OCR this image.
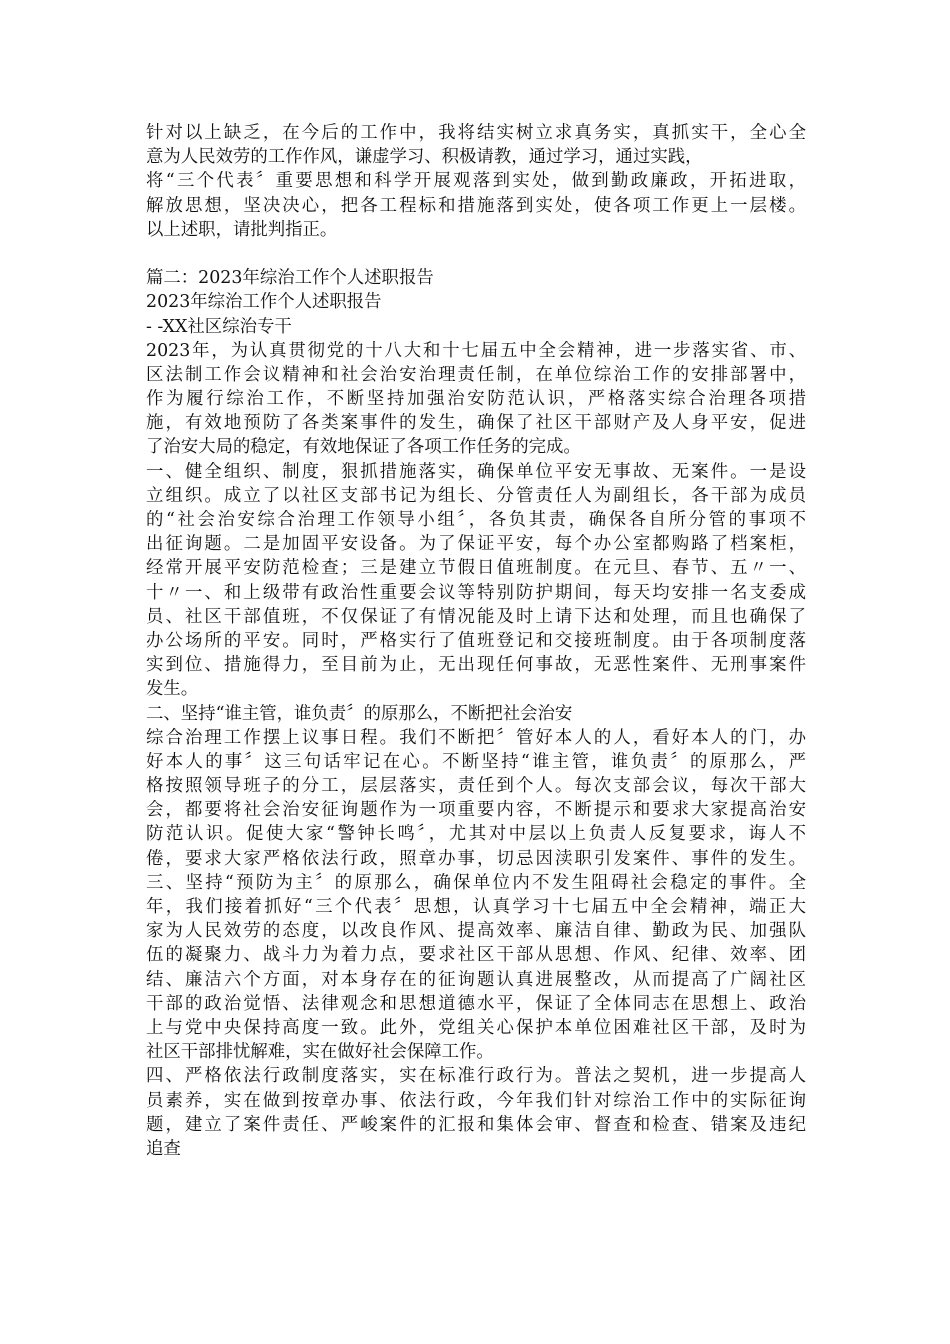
针对以上缺乏，在今后的工作中，我将结实树立求真务实，真抓实干，全心全
意为人民效劳的工作作风，谦虚学习、积极请教，通过学习，通过实践，
将“三个代表〞重要思想和科学开展观落到实处，做到勤政廉政，开拓进取，
解放思想，坚决决心，把各工程标和措施落到实处，使各项工作更上一层楼。
以上述职，请批判指正。
篇二：2023年综治工作个人述职报告
2023年综治工作个人述职报告
- -XX社区综治专干
2023年，为认真贯彻党的十八大和十七届五中全会精神，进一步落实省、市、
区法制工作会议精神和社会治安治理责任制，在单位综治工作的安排部署中，
作为履行综治工作，不断坚持加强治安防范认识，严格落实综合治理各项措
施，有效地预防了各类案事件的发生，确保了社区干部财产及人身平安，促进
了治安大局的稳定，有效地保证了各项工作任务的完成。
一、健全组织、制度，狠抓措施落实，确保单位平安无事故、无案件。一是设
立组织。成立了以社区支部书记为组长、分管责任人为副组长，各干部为成员
的“社会治安综合治理工作领导小组〞，各负其责，确保各自所分管的事项不
出征询题。二是加固平安设备。为了保证平安，每个办公室都购路了档案柜，
经常开展平安防范检查；三是建立节假日值班制度。在元旦、春节、五〃一、
十〃一、和上级带有政治性重要会议等特别防护期间，每天均安排一名支委成
员、社区干部值班，不仅保证了有情况能及时上请下达和处理，而且也确保了
办公场所的平安。同时，严格实行了值班登记和交接班制度。由于各项制度落
实到位、措施得力，至目前为止，无出现任何事故，无恶性案件、无刑事案件
发生。
二、坚持“谁主管，谁负责〞的原那么，不断把社会治安
综合治理工作摆上议事日程。我们不断把〞管好本人的人，看好本人的门，办
好本人的事〞这三句话牢记在心。不断坚持“谁主管，谁负责〞的原那么，严
格按照领导班子的分工，层层落实，责任到个人。每次支部会议，每次干部大
会，都要将社会治安征询题作为一项重要内容，不断提示和要求大家提高治安
防范认识。促使大家“警钟长鸣〞，尤其对中层以上负责人反复要求，诲人不
倦，要求大家严格依法行政，照章办事，切忌因渎职引发案件、事件的发生。
三、坚持“预防为主〞的原那么，确保单位内不发生阻碍社会稳定的事件。全
年，我们接着抓好“三个代表〞思想，认真学习十七届五中全会精神，端正大
家为人民效劳的态度，以改良作风、提高效率、廉洁自律、勤政为民、加强队
伍的凝聚力、战斗力为着力点，要求社区干部从思想、作风、纪律、效率、团
结、廉洁六个方面，对本身存在的征询题认真进展整改，从而提高了广阔社区
干部的政治觉悟、法律观念和思想道德水平，保证了全体同志在思想上、政治
上与党中央保持高度一致。此外，党组关心保护本单位困难社区干部，及时为
社区干部排忧解难，实在做好社会保障工作。
四、严格依法行政制度落实，实在标准行政行为。普法之契机，进一步提高人
员素养，实在做到按章办事、依法行政，今年我们针对综治工作中的实际征询
题，建立了案件责任、严峻案件的汇报和集体会审、督查和检查、错案及违纪
追查
